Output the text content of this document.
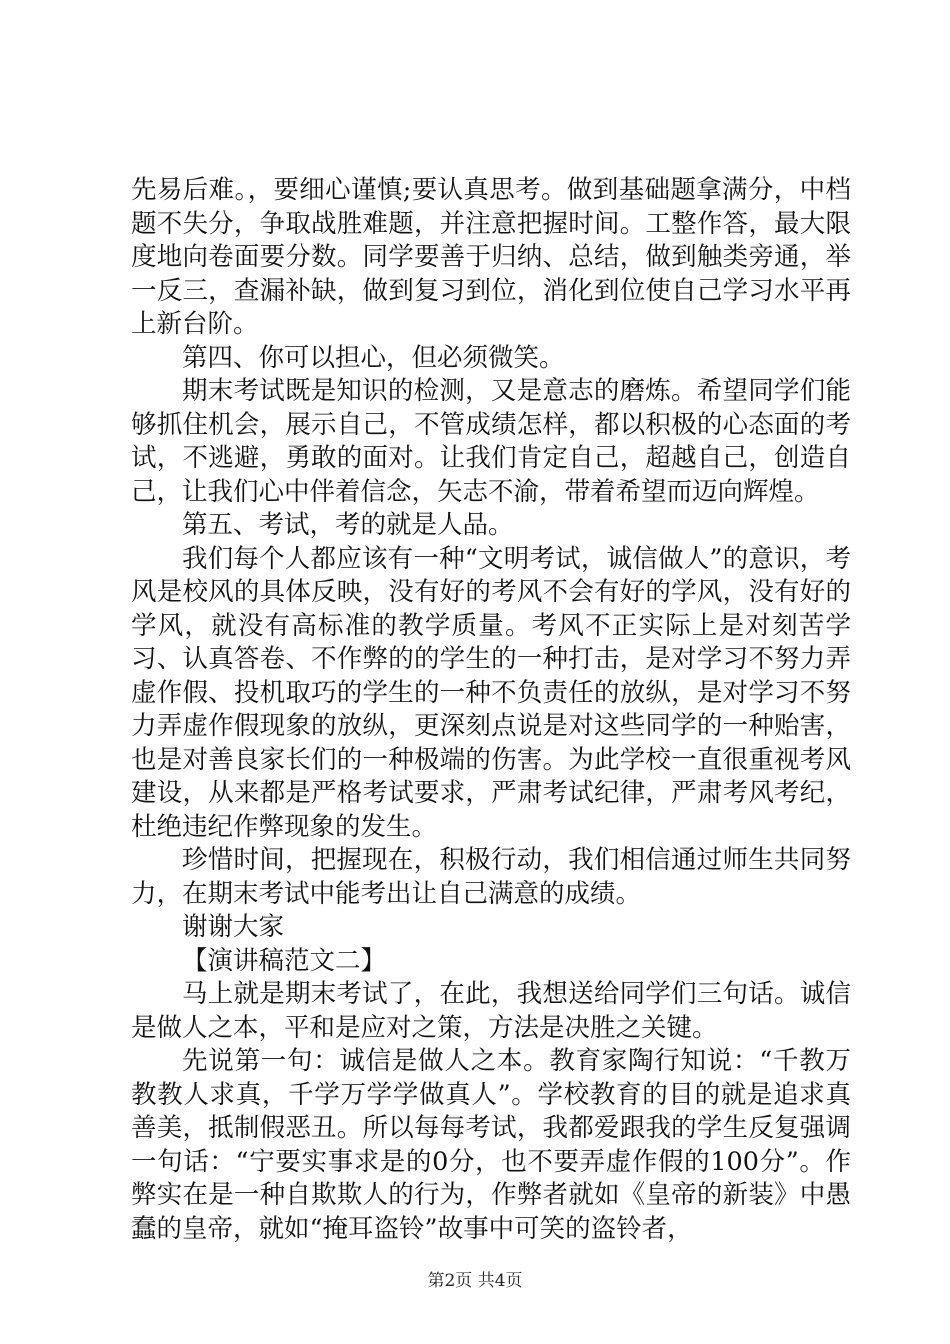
先易后难。，要细心谨慎;要认真思考。做到基础题拿满分，中档题不失分，争取战胜难题，并注意把握时间。工整作答，最大限度地向卷面要分数。同学要善于归纳、总结，做到触类旁通，举一反三，查漏补缺，做到复习到位，消化到位使自己学习水平再上新台阶。

第四、你可以担心，但必须微笑。

期末考试既是知识的检测，又是意志的磨炼。希望同学们能够抓住机会，展示自己，不管成绩怎样，都以积极的心态面的考试，不逃避，勇敢的面对。让我们肯定自己，超越自己，创造自己，让我们心中伴着信念，矢志不渝，带着希望而迈向辉煌。

第五、考试，考的就是人品。

我们每个人都应该有一种“文明考试，诚信做人”的意识，考风是校风的具体反映，没有好的考风不会有好的学风，没有好的学风，就没有高标准的教学质量。考风不正实际上是对刻苦学习、认真答卷、不作弊的的学生的一种打击，是对学习不努力弄虚作假、投机取巧的学生的一种不负责任的放纵，是对学习不努力弄虚作假现象的放纵，更深刻点说是对这些同学的一种贻害，也是对善良家长们的一种极端的伤害。为此学校一直很重视考风建设，从来都是严格考试要求，严肃考试纪律，严肃考风考纪，杜绝违纪作弊现象的发生。

珍惜时间，把握现在，积极行动，我们相信通过师生共同努力，在期末考试中能考出让自己满意的成绩。

谢谢大家

【演讲稿范文二】

马上就是期末考试了，在此，我想送给同学们三句话。诚信是做人之本，平和是应对之策，方法是决胜之关键。

先说第一句：诚信是做人之本。教育家陶行知说：“千教万教教人求真，千学万学学做真人”。学校教育的目的就是追求真善美，抵制假恶丑。所以每每考试，我都爱跟我的学生反复强调一句话：“宁要实事求是的0分，也不要弄虚作假的100分”。作弊实在是一种自欺欺人的行为，作弊者就如《皇帝的新装》中愚蠢的皇帝，就如“掩耳盗铃”故事中可笑的盗铃者，

第2页 共4页
